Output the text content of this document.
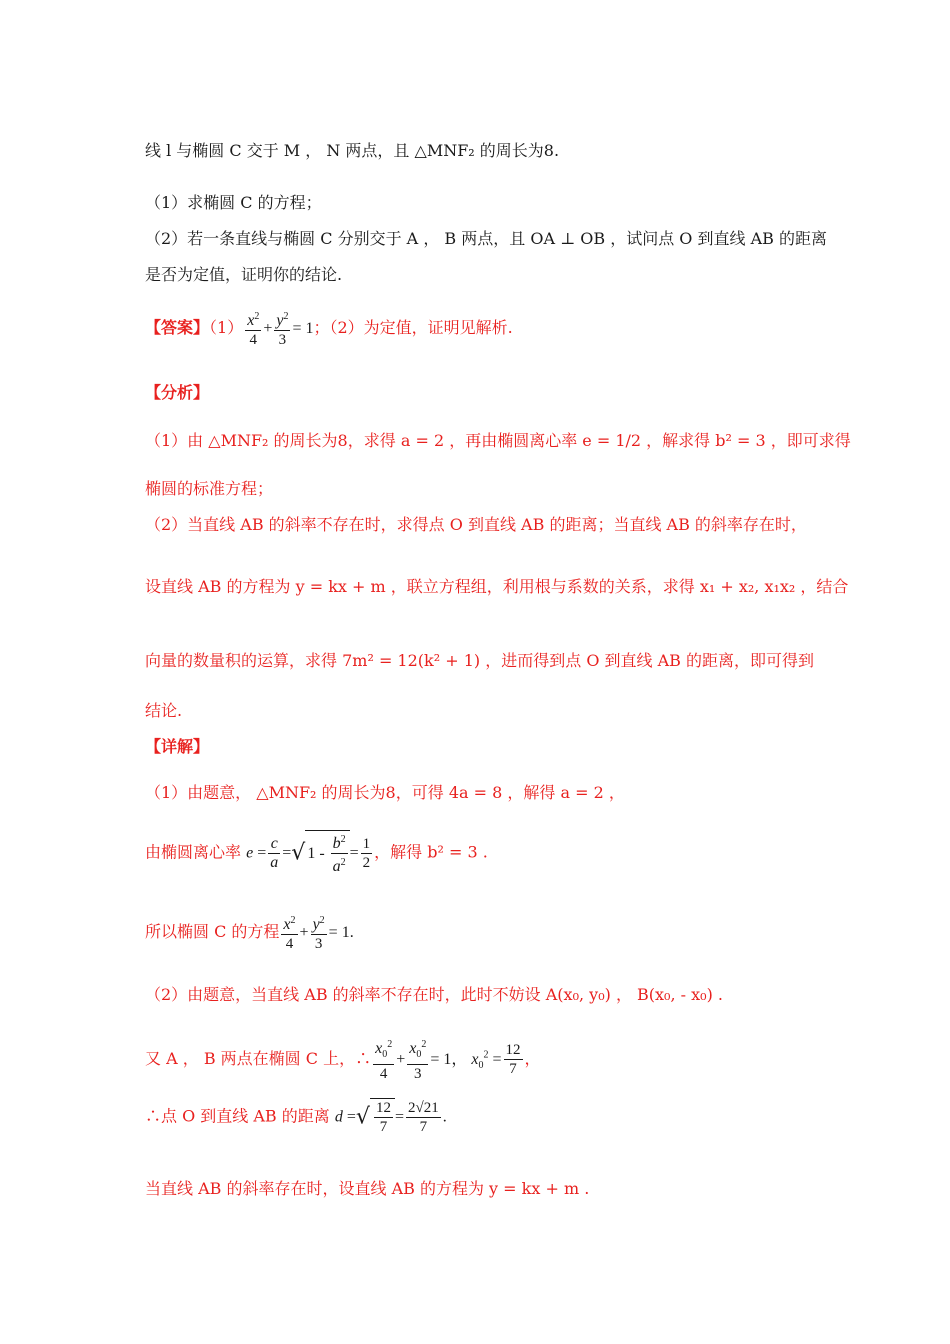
线 l 与椭圆 C 交于 M ， N 两点，且 △MNF₂ 的周长为8.
（1）求椭圆 C 的方程；
（2）若一条直线与椭圆 C 分别交于 A ， B 两点，且 OA ⊥ OB ，试问点 O 到直线 AB 的距离
是否为定值，证明你的结论.
【答案】$(1) \frac{x^2}{4} + \frac{y^2}{3} = 1$；（2）为定值，证明见解析.
【分析】
（1）由 △MNF₂ 的周长为8，求得 a = 2 ，再由椭圆离心率 e = 1/2 ，解求得 b² = 3 ，即可求得
椭圆的标准方程；
（2）当直线 AB 的斜率不存在时，求得点 O 到直线 AB 的距离；当直线 AB 的斜率存在时，
设直线 AB 的方程为 y = kx + m ，联立方程组，利用根与系数的关系，求得 x₁ + x₂, x₁x₂ ，结合
向量的数量积的运算，求得 7m² = 12(k² + 1) ，进而得到点 O 到直线 AB 的距离，即可得到
结论.
【详解】
（1）由题意， △MNF₂ 的周长为8，可得 4a = 8 ，解得 a = 2 ，
由椭圆离心率 $e = \frac{c}{a}$ =√ $1 - \frac{b^2}{a^2} = \frac{1}{2}$ ，解得 b² = 3 .
所以椭圆 C 的方程 $\frac{x^2}{4} + \frac{y^2}{3} = 1$.
（2）由题意，当直线 AB 的斜率不存在时，此时不妨设 A(x₀, y₀) ， B(x₀, - x₀) .
又 A ， B 两点在椭圆 C 上，∴ $\frac{x_0^2}{4} + \frac{x_0^2}{3} = 1$， $x_0^2 = \frac{12}{7}$ ，
∴点 O 到直线 AB 的距离 d =√ $\frac{12}{7} = \frac{2√21}{7}$ .
当直线 AB 的斜率存在时，设直线 AB 的方程为 y = kx + m .
